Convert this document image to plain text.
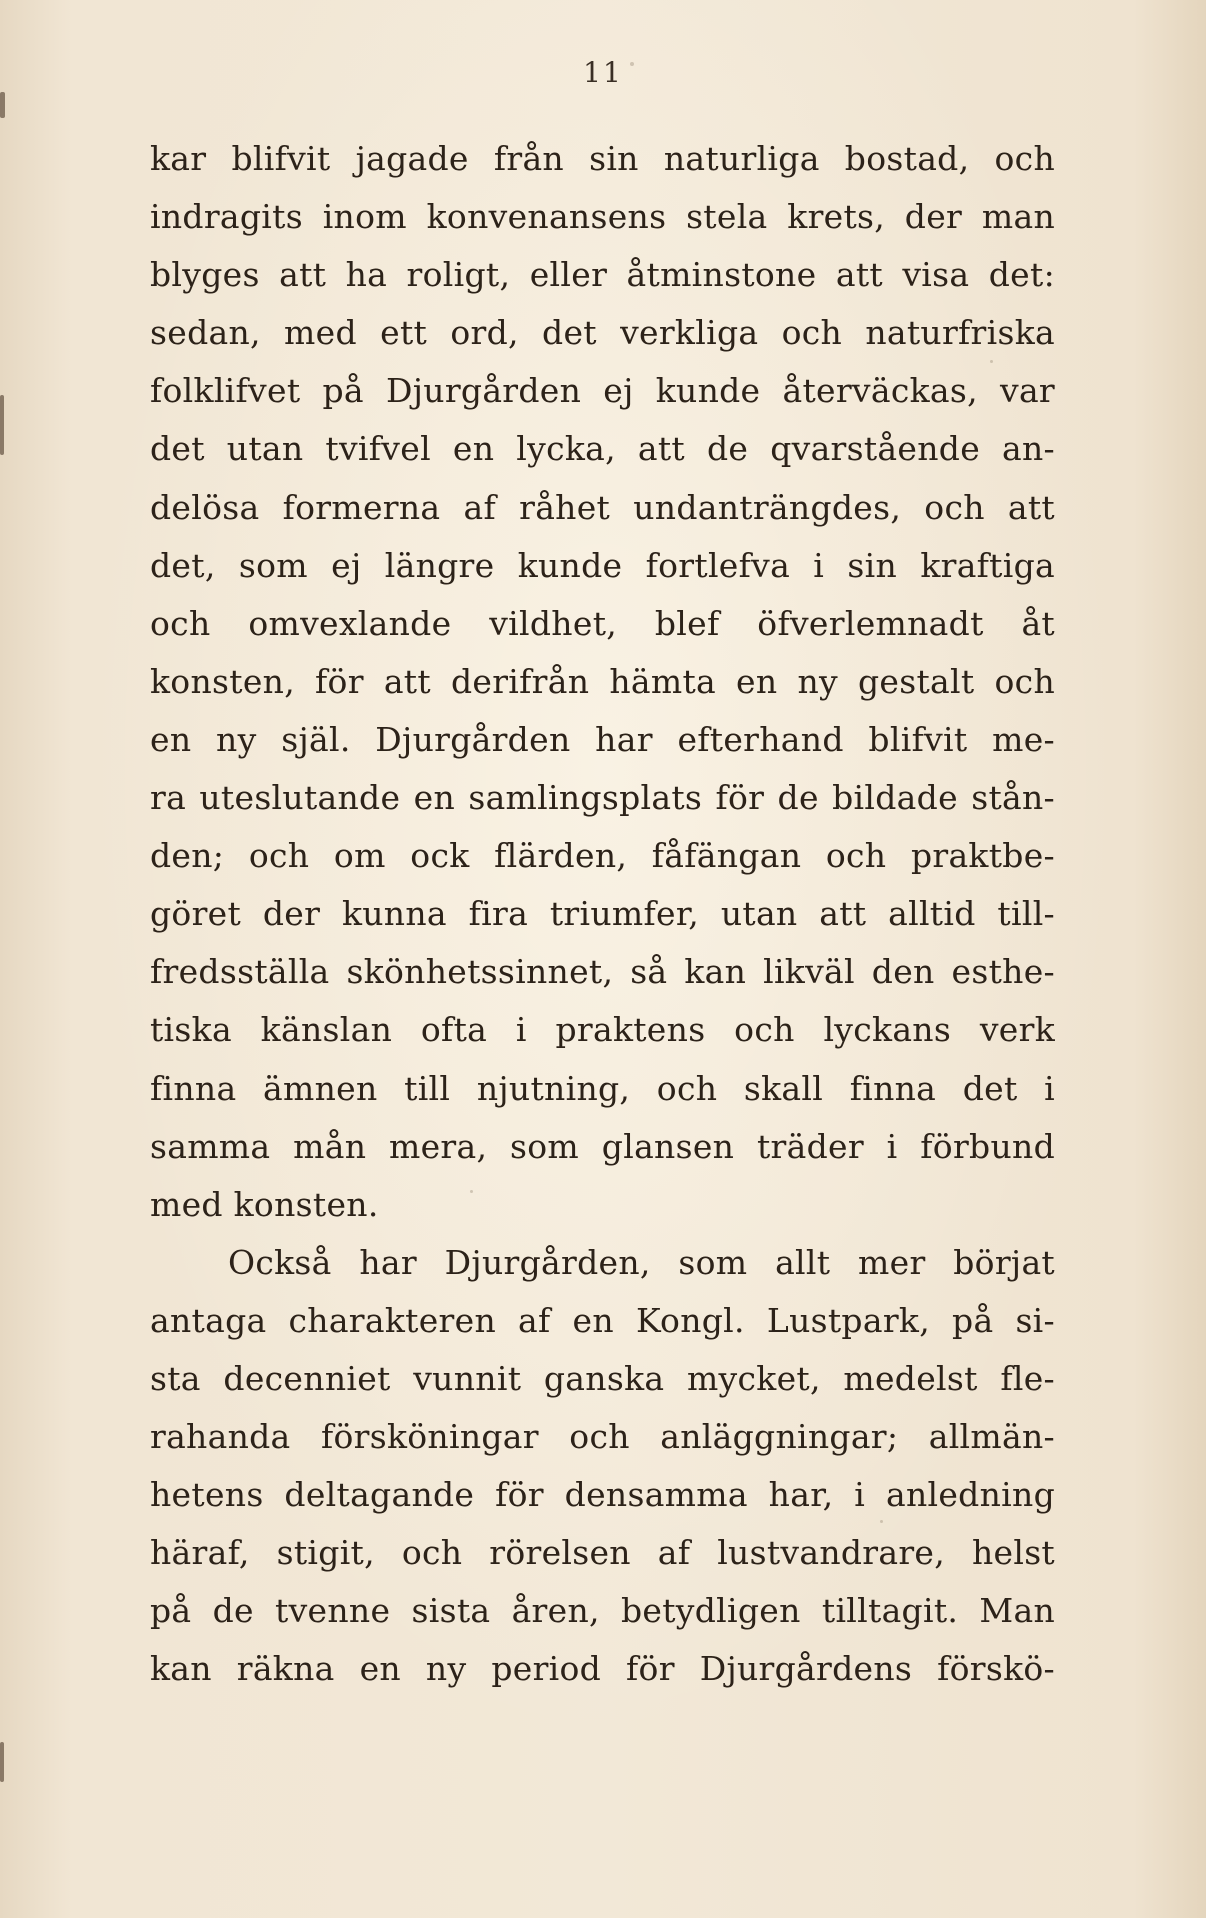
11
kar blifvit jagade från sin naturliga bostad, och
indragits inom konvenansens stela krets, der man
blyges att ha roligt, eller åtminstone att visa det:
sedan, med ett ord, det verkliga och naturfriska
folklifvet på Djurgården ej kunde återväckas, var
det utan tvifvel en lycka, att de qvarstående an-
delösa formerna af råhet undanträngdes, och att
det, som ej längre kunde fortlefva i sin kraftiga
och omvexlande vildhet, blef öfverlemnadt åt
konsten, för att derifrån hämta en ny gestalt och
en ny själ. Djurgården har efterhand blifvit me-
ra uteslutande en samlingsplats för de bildade stån-
den; och om ock flärden, fåfängan och praktbe-
göret der kunna fira triumfer, utan att alltid till-
fredsställa skönhetssinnet, så kan likväl den esthe-
tiska känslan ofta i praktens och lyckans verk
finna ämnen till njutning, och skall finna det i
samma mån mera, som glansen träder i förbund
med konsten.
Också har Djurgården, som allt mer börjat
antaga charakteren af en Kongl. Lustpark, på si-
sta decenniet vunnit ganska mycket, medelst fle-
rahanda försköningar och anläggningar; allmän-
hetens deltagande för densamma har, i anledning
häraf, stigit, och rörelsen af lustvandrare, helst
på de tvenne sista åren, betydligen tilltagit. Man
kan räkna en ny period för Djurgårdens förskö-
